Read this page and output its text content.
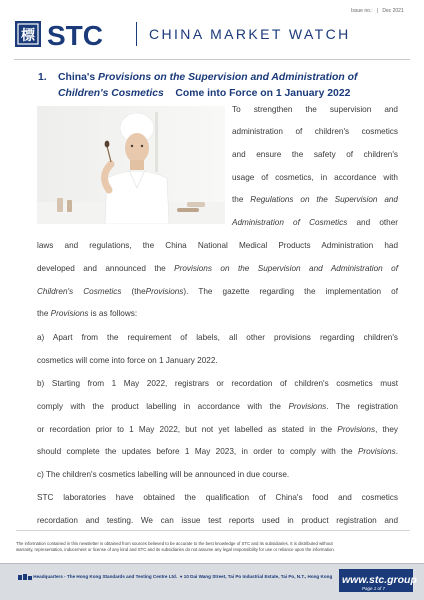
Issue no.:   |   Dec 2021
標 STC	CHINA MARKET WATCH
1. China's Provisions on the Supervision and Administration of
Children's Cosmetics Come into Force on 1 January 2022
To strengthen the supervision and
administration of children's cosmetics
and ensure the safety of children's
usage of cosmetics, in accordance with
the Regulations on the Supervision and
Administration of Cosmetics and other
laws and regulations, the China National Medical Products Administration had
developed and announced the Provisions on the Supervision and Administration of
Children's Cosmetics (theProvisions). The gazette regarding the implementation of
the Provisions is as follows:
a) Apart from the requirement of labels, all other provisions regarding children's
cosmetics will come into force on 1 January 2022.
b) Starting from 1 May 2022, registrars or recordation of children's cosmetics must
comply with the product labelling in accordance with the Provisions. The registration
or recordation prior to 1 May 2022, but not yet labelled as stated in the Provisions, they
should complete the updates before 1 May 2023, in order to comply with the Provisions.
c) The children's cosmetics labelling will be announced in due course.
STC laboratories have obtained the qualification of China's food and cosmetics
recordation and testing. We can issue test reports used in product registration and
The information contained in this newsletter is obtained from sources believed to be accurate to the best knowledge of STC and its subsidiaries. It is distributed without
warranty, representation, inducement or license of any kind and STC and its subsidiaries do not assume any legal responsibility for use or reliance upon the information.
Headquarters - The Hong Kong Standards and Testing Centre Ltd. ● 10 Dai Wang Street, Tai Po Industrial Estate, Tai Po, N.T., Hong Kong www.stc.group
Page 1 of 7
